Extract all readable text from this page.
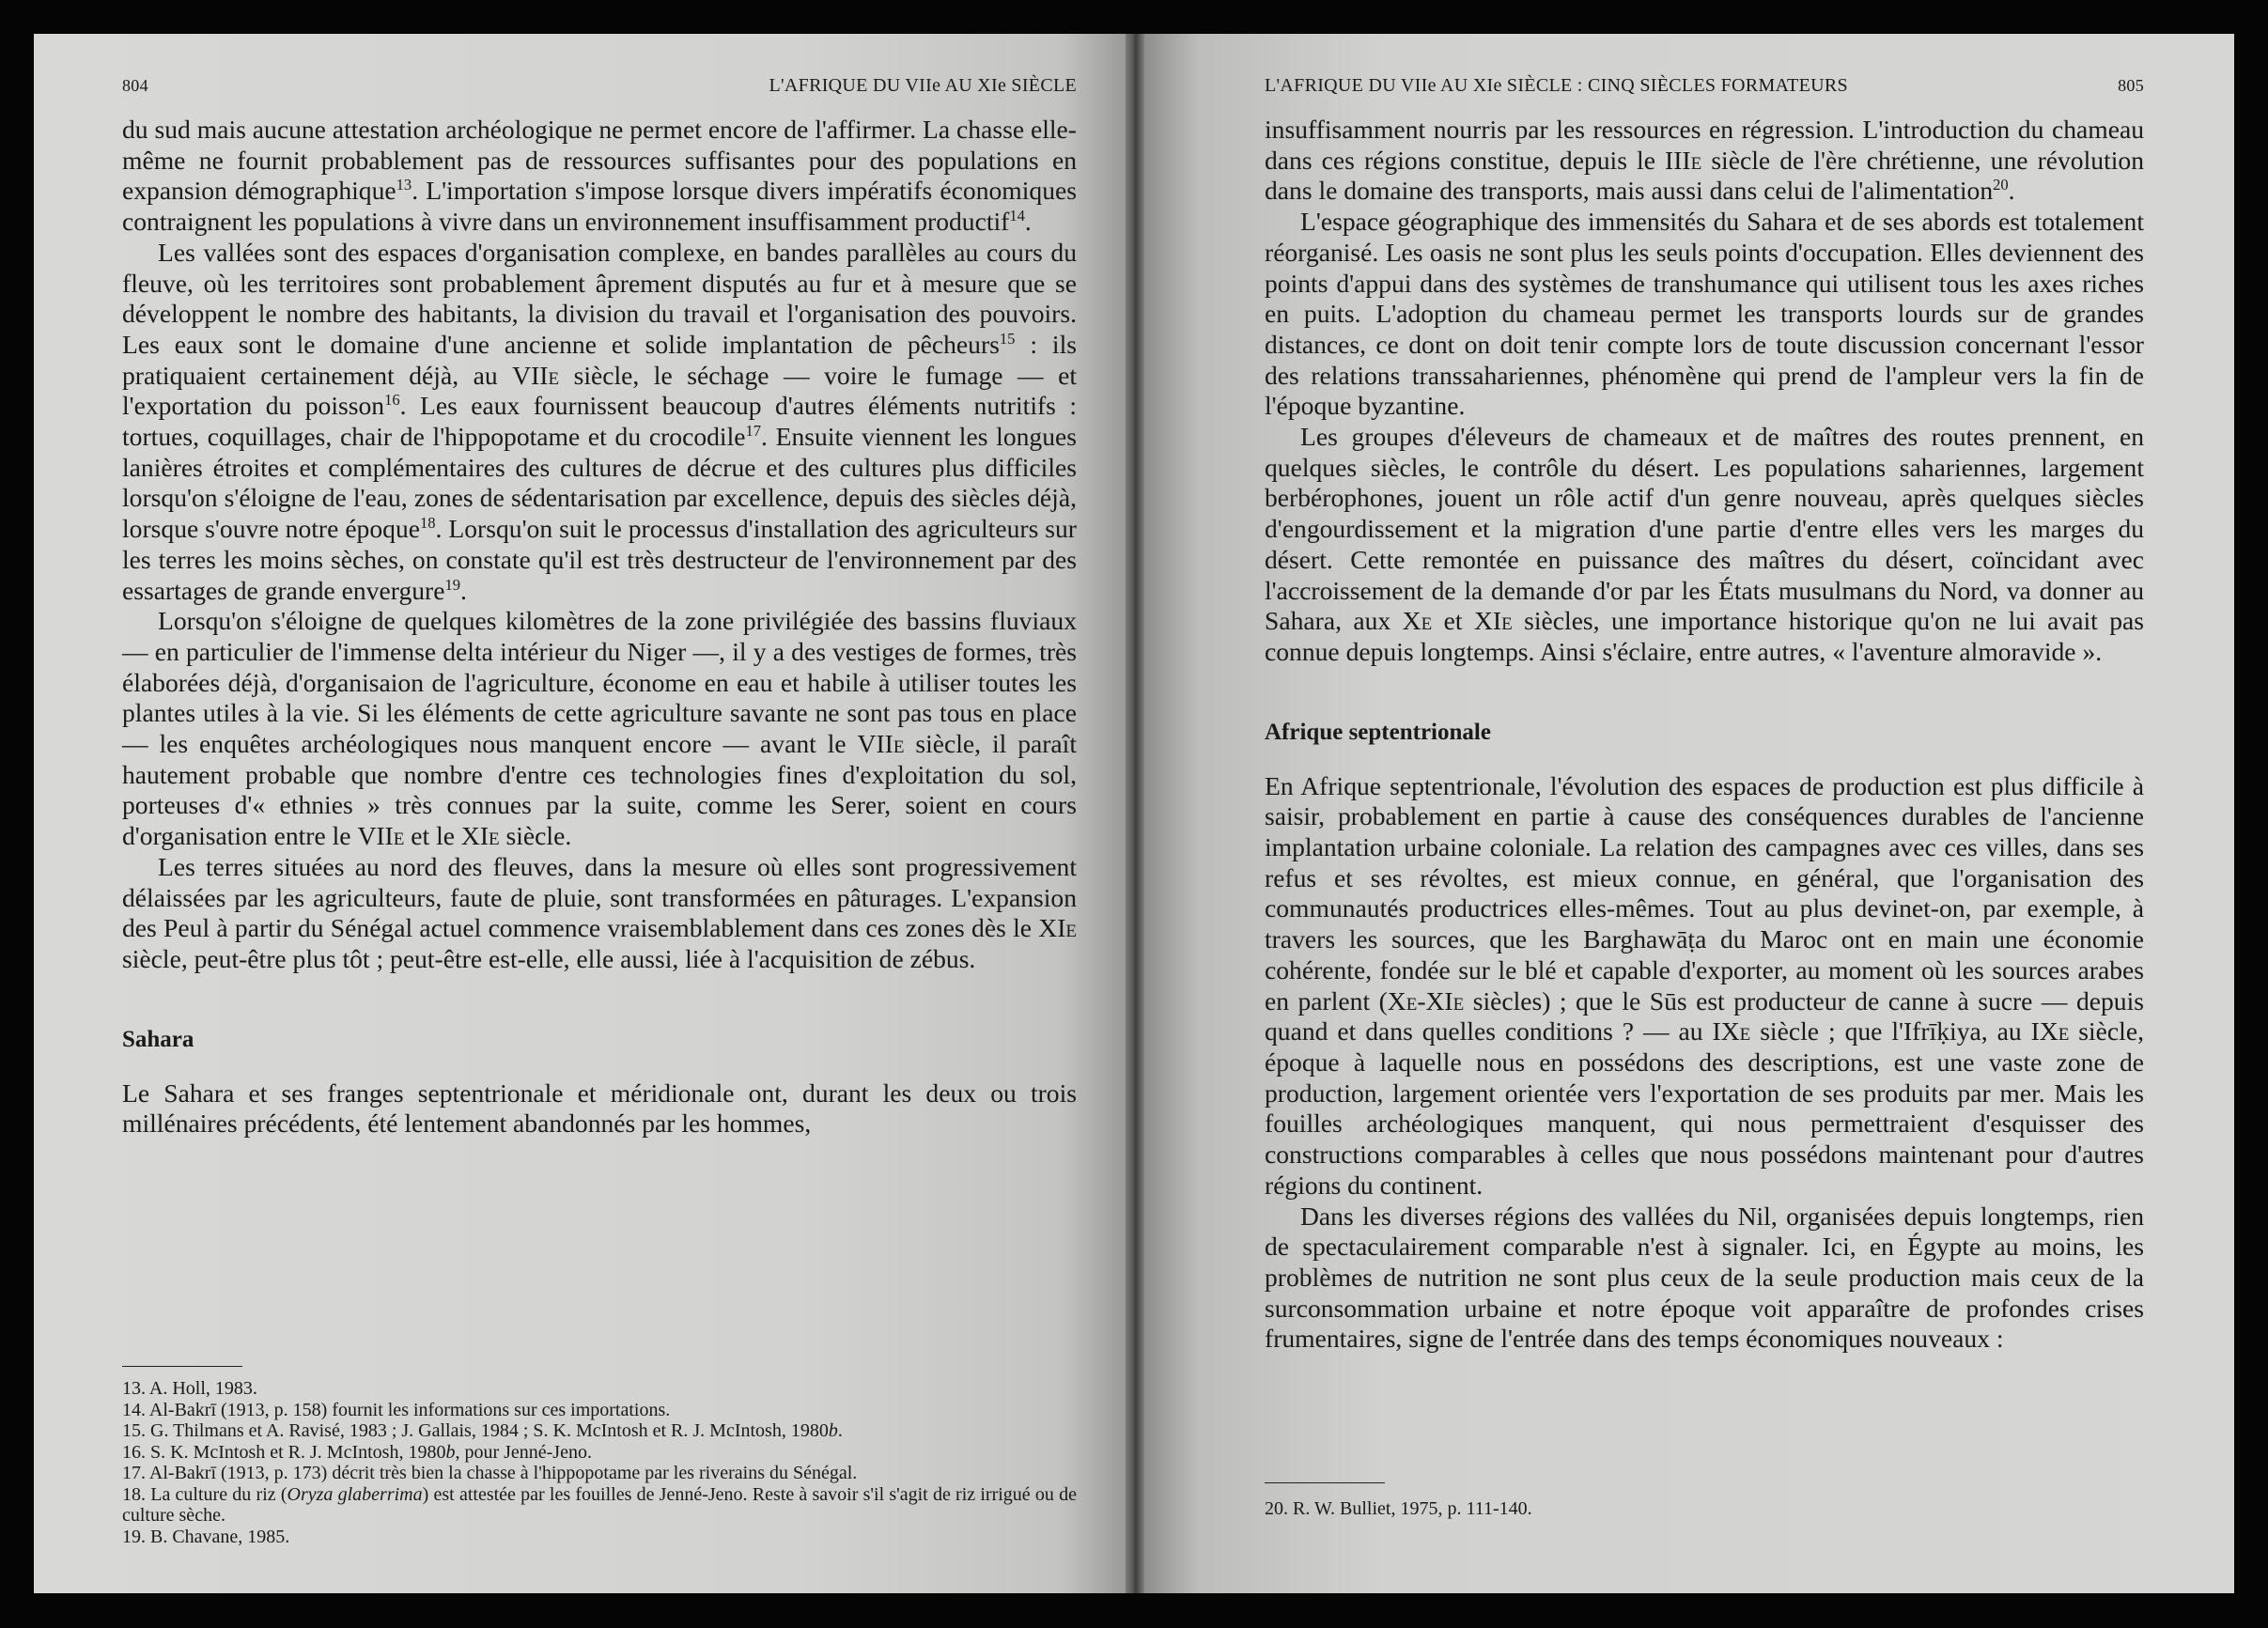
804	L'AFRIQUE DU VIIe AU XIe SIÈCLE

du sud mais aucune attestation archéologique ne permet encore de l'affirmer. La chasse elle-même ne fournit probablement pas de ressources suffisantes pour des populations en expansion démographique$^{13}$. L'importation s'impose lorsque divers impératifs économiques contraignent les populations à vivre dans un environnement insuffisamment productif$^{14}$.

Les vallées sont des espaces d'organisation complexe, en bandes parallèles au cours du fleuve, où les territoires sont probablement âprement disputés au fur et à mesure que se développent le nombre des habitants, la division du travail et l'organisation des pouvoirs. Les eaux sont le domaine d'une ancienne et solide implantation de pêcheurs$^{15}$ : ils pratiquaient certainement déjà, au VIIe siècle, le séchage — voire le fumage — et l'exportation du poisson$^{16}$. Les eaux fournissent beaucoup d'autres éléments nutritifs : tortues, coquillages, chair de l'hippopotame et du crocodile$^{17}$. Ensuite viennent les longues lanières étroites et complémentaires des cultures de décrue et des cultures plus difficiles lorsqu'on s'éloigne de l'eau, zones de sédentarisation par excellence, depuis des siècles déjà, lorsque s'ouvre notre époque$^{18}$. Lorsqu'on suit le processus d'installation des agriculteurs sur les terres les moins sèches, on constate qu'il est très destructeur de l'environnement par des essartages de grande envergure$^{19}$.

Lorsqu'on s'éloigne de quelques kilomètres de la zone privilégiée des bassins fluviaux — en particulier de l'immense delta intérieur du Niger —, il y a des vestiges de formes, très élaborées déjà, d'organisaion de l'agriculture, économe en eau et habile à utiliser toutes les plantes utiles à la vie. Si les éléments de cette agriculture savante ne sont pas tous en place — les enquêtes archéologiques nous manquent encore — avant le VIIe siècle, il paraît hautement probable que nombre d'entre ces technologies fines d'exploitation du sol, porteuses d'« ethnies » très connues par la suite, comme les Serer, soient en cours d'organisation entre le VIIe et le XIe siècle.

Les terres situées au nord des fleuves, dans la mesure où elles sont progressivement délaissées par les agriculteurs, faute de pluie, sont transformées en pâturages. L'expansion des Peul à partir du Sénégal actuel commence vraisemblablement dans ces zones dès le XIe siècle, peut-être plus tôt ; peut-être est-elle, elle aussi, liée à l'acquisition de zébus.

Sahara

Le Sahara et ses franges septentrionale et méridionale ont, durant les deux ou trois millénaires précédents, été lentement abandonnés par les hommes,

13. A. Holl, 1983.

14. Al-Bakrī (1913, p. 158) fournit les informations sur ces importations.

15. G. Thilmans et A. Ravisé, 1983 ; J. Gallais, 1984 ; S. K. McIntosh et R. J. McIntosh, 1980b.

16. S. K. McIntosh et R. J. McIntosh, 1980b, pour Jenné-Jeno.

17. Al-Bakrī (1913, p. 173) décrit très bien la chasse à l'hippopotame par les riverains du Sénégal.

18. La culture du riz (Oryza glaberrima) est attestée par les fouilles de Jenné-Jeno. Reste à savoir s'il s'agit de riz irrigué ou de culture sèche.

19. B. Chavane, 1985.

L'AFRIQUE DU VIIe AU XIe SIÈCLE : CINQ SIÈCLES FORMATEURS	805

insuffisamment nourris par les ressources en régression. L'introduction du chameau dans ces régions constitue, depuis le IIIe siècle de l'ère chrétienne, une révolution dans le domaine des transports, mais aussi dans celui de l'alimentation$^{20}$.

L'espace géographique des immensités du Sahara et de ses abords est totalement réorganisé. Les oasis ne sont plus les seuls points d'occupation. Elles deviennent des points d'appui dans des systèmes de transhumance qui utilisent tous les axes riches en puits. L'adoption du chameau permet les transports lourds sur de grandes distances, ce dont on doit tenir compte lors de toute discussion concernant l'essor des relations transsahariennes, phénomène qui prend de l'ampleur vers la fin de l'époque byzantine.

Les groupes d'éleveurs de chameaux et de maîtres des routes prennent, en quelques siècles, le contrôle du désert. Les populations sahariennes, largement berbérophones, jouent un rôle actif d'un genre nouveau, après quelques siècles d'engourdissement et la migration d'une partie d'entre elles vers les marges du désert. Cette remontée en puissance des maîtres du désert, coïncidant avec l'accroissement de la demande d'or par les États musulmans du Nord, va donner au Sahara, aux Xe et XIe siècles, une importance historique qu'on ne lui avait pas connue depuis longtemps. Ainsi s'éclaire, entre autres, « l'aventure almoravide ».

Afrique septentrionale

En Afrique septentrionale, l'évolution des espaces de production est plus difficile à saisir, probablement en partie à cause des conséquences durables de l'ancienne implantation urbaine coloniale. La relation des campagnes avec ces villes, dans ses refus et ses révoltes, est mieux connue, en général, que l'organisation des communautés productrices elles-mêmes. Tout au plus devinet-on, par exemple, à travers les sources, que les Barghawāṭa du Maroc ont en main une économie cohérente, fondée sur le blé et capable d'exporter, au moment où les sources arabes en parlent (Xe-XIe siècles) ; que le Sūs est producteur de canne à sucre — depuis quand et dans quelles conditions ? — au IXe siècle ; que l'Ifrīḳiya, au IXe siècle, époque à laquelle nous en possédons des descriptions, est une vaste zone de production, largement orientée vers l'exportation de ses produits par mer. Mais les fouilles archéologiques manquent, qui nous permettraient d'esquisser des constructions comparables à celles que nous possédons maintenant pour d'autres régions du continent.

Dans les diverses régions des vallées du Nil, organisées depuis longtemps, rien de spectaculairement comparable n'est à signaler. Ici, en Égypte au moins, les problèmes de nutrition ne sont plus ceux de la seule production mais ceux de la surconsommation urbaine et notre époque voit apparaître de profondes crises frumentaires, signe de l'entrée dans des temps économiques nouveaux :

20. R. W. Bulliet, 1975, p. 111-140.
